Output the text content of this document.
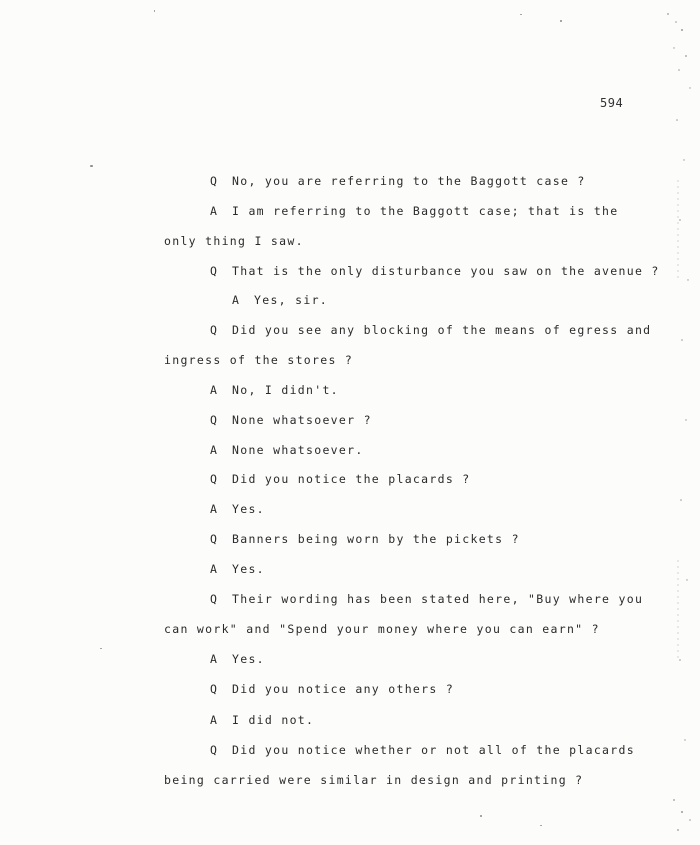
594
Q No, you are referring to the Baggott case ?
A I am referring to the Baggott case; that is the
only thing I saw.
Q That is the only disturbance you saw on the avenue ?
A Yes, sir.
Q Did you see any blocking of the means of egress and
ingress of the stores ?
A No, I didn't.
Q None whatsoever ?
A None whatsoever.
Q Did you notice the placards ?
A Yes.
Q Banners being worn by the pickets ?
A Yes.
Q Their wording has been stated here, "Buy where you
can work" and "Spend your money where you can earn" ?
A Yes.
Q Did you notice any others ?
A I did not.
Q Did you notice whether or not all of the placards
being carried were similar in design and printing ?
